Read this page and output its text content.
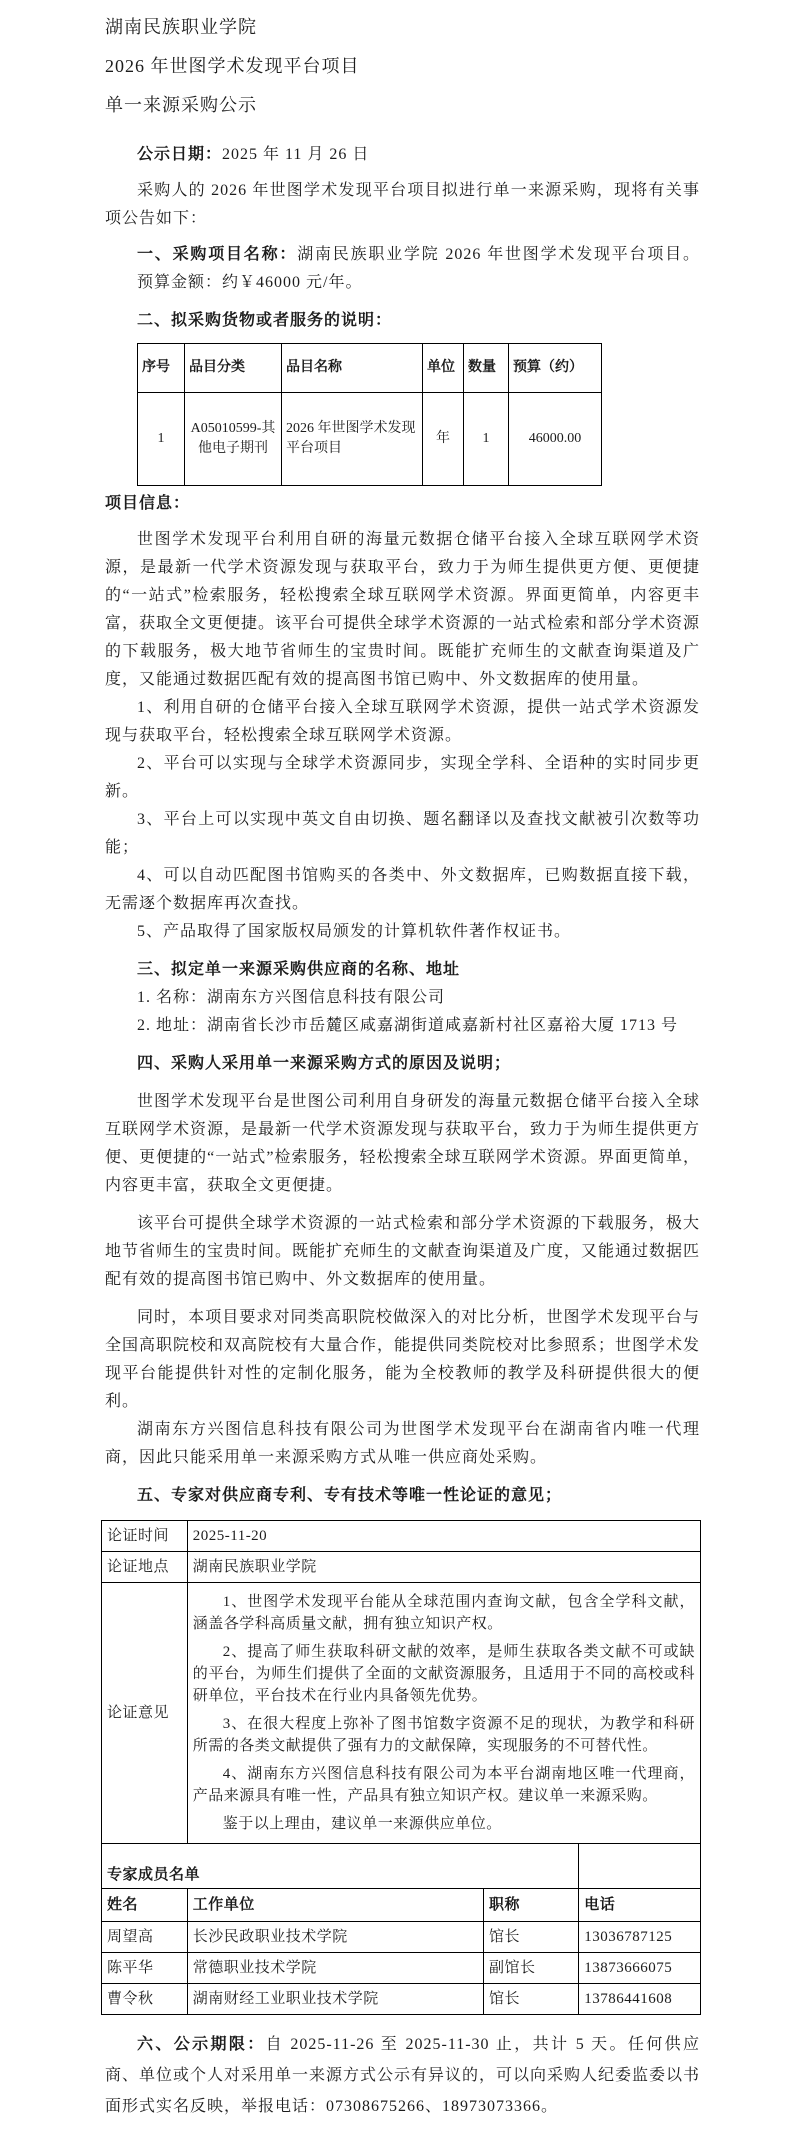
湖南民族职业学院

2026 年世图学术发现平台项目

单一来源采购公示

公示日期：2025 年 11 月 26 日

采购人的 2026 年世图学术发现平台项目拟进行单一来源采购，现将有关事项公告如下：

一、采购项目名称：湖南民族职业学院 2026 年世图学术发现平台项目。预算金额：约￥46000 元/年。

二、拟采购货物或者服务的说明：

序号	品目分类	品目名称	单位	数量	预算（约）
1	A05010599-其他电子期刊	2026 年世图学术发现平台项目	年	1	46000.00

项目信息：

世图学术发现平台利用自研的海量元数据仓储平台接入全球互联网学术资源，是最新一代学术资源发现与获取平台，致力于为师生提供更方便、更便捷的“一站式”检索服务，轻松搜索全球互联网学术资源。界面更简单，内容更丰富，获取全文更便捷。该平台可提供全球学术资源的一站式检索和部分学术资源的下载服务，极大地节省师生的宝贵时间。既能扩充师生的文献查询渠道及广度，又能通过数据匹配有效的提高图书馆已购中、外文数据库的使用量。

1、利用自研的仓储平台接入全球互联网学术资源，提供一站式学术资源发现与获取平台，轻松搜索全球互联网学术资源。

2、平台可以实现与全球学术资源同步，实现全学科、全语种的实时同步更新。

3、平台上可以实现中英文自由切换、题名翻译以及查找文献被引次数等功能；

4、可以自动匹配图书馆购买的各类中、外文数据库，已购数据直接下载，无需逐个数据库再次查找。

5、产品取得了国家版权局颁发的计算机软件著作权证书。

三、拟定单一来源采购供应商的名称、地址

1. 名称：湖南东方兴图信息科技有限公司

2. 地址：湖南省长沙市岳麓区咸嘉湖街道咸嘉新村社区嘉裕大厦 1713 号

四、采购人采用单一来源采购方式的原因及说明；

世图学术发现平台是世图公司利用自身研发的海量元数据仓储平台接入全球互联网学术资源，是最新一代学术资源发现与获取平台，致力于为师生提供更方便、更便捷的“一站式”检索服务，轻松搜索全球互联网学术资源。界面更简单，内容更丰富，获取全文更便捷。

该平台可提供全球学术资源的一站式检索和部分学术资源的下载服务，极大地节省师生的宝贵时间。既能扩充师生的文献查询渠道及广度，又能通过数据匹配有效的提高图书馆已购中、外文数据库的使用量。

同时，本项目要求对同类高职院校做深入的对比分析，世图学术发现平台与全国高职院校和双高院校有大量合作，能提供同类院校对比参照系；世图学术发现平台能提供针对性的定制化服务，能为全校教师的教学及科研提供很大的便利。

湖南东方兴图信息科技有限公司为世图学术发现平台在湖南省内唯一代理商，因此只能采用单一来源采购方式从唯一供应商处采购。

五、专家对供应商专利、专有技术等唯一性论证的意见；

论证时间	2025-11-20		
论证地点	湖南民族职业学院		
论证意见	1、世图学术发现平台能从全球范围内查询文献，包含全学科文献，涵盖各学科高质量文献，拥有独立知识产权。

2、提高了师生获取科研文献的效率，是师生获取各类文献不可或缺的平台，为师生们提供了全面的文献资源服务，且适用于不同的高校或科研单位，平台技术在行业内具备领先优势。

3、在很大程度上弥补了图书馆数字资源不足的现状，为教学和科研所需的各类文献提供了强有力的文献保障，实现服务的不可替代性。

4、湖南东方兴图信息科技有限公司为本平台湖南地区唯一代理商，产品来源具有唯一性，产品具有独立知识产权。建议单一来源采购。

鉴于以上理由，建议单一来源供应单位。		

专家成员名单			
姓名	工作单位	职称	电话
周望高	长沙民政职业技术学院	馆长	13036787125
陈平华	常德职业技术学院	副馆长	13873666075
曹令秋	湖南财经工业职业技术学院	馆长	13786441608

六、公示期限：自 2025-11-26 至 2025-11-30 止，共计 5 天。任何供应商、单位或个人对采用单一来源方式公示有异议的，可以向采购人纪委监委以书面形式实名反映，举报电话：07308675266、18973073366。
